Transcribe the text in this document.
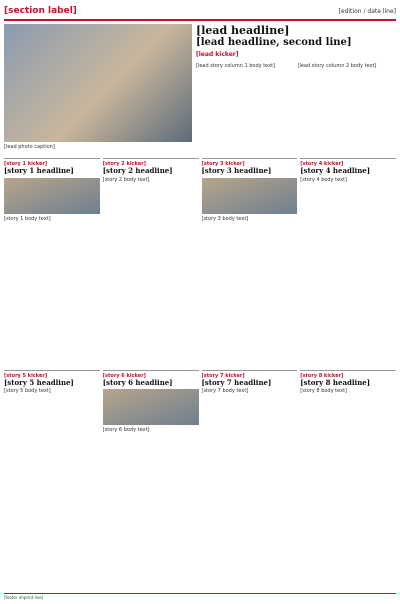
[section label]	[edition / date line]
[lead photo caption]
[lead headline]
[lead headline, second line]
[lead kicker]
[lead story column 1 body text]	[lead story column 2 body text]
[story 1 kicker]
[story 1 headline]

[story 1 body text]

[story 2 kicker]
[story 2 headline]

[story 2 body text]

[story 3 kicker]
[story 3 headline]

[story 3 body text]

[story 4 kicker]
[story 4 headline]

[story 4 body text]

[story 5 kicker]
[story 5 headline]

[story 5 body text]

[story 6 kicker]
[story 6 headline]

[story 6 body text]

[story 7 kicker]
[story 7 headline]

[story 7 body text]

[story 8 kicker]
[story 8 headline]

[story 8 body text]

[footer imprint line]
